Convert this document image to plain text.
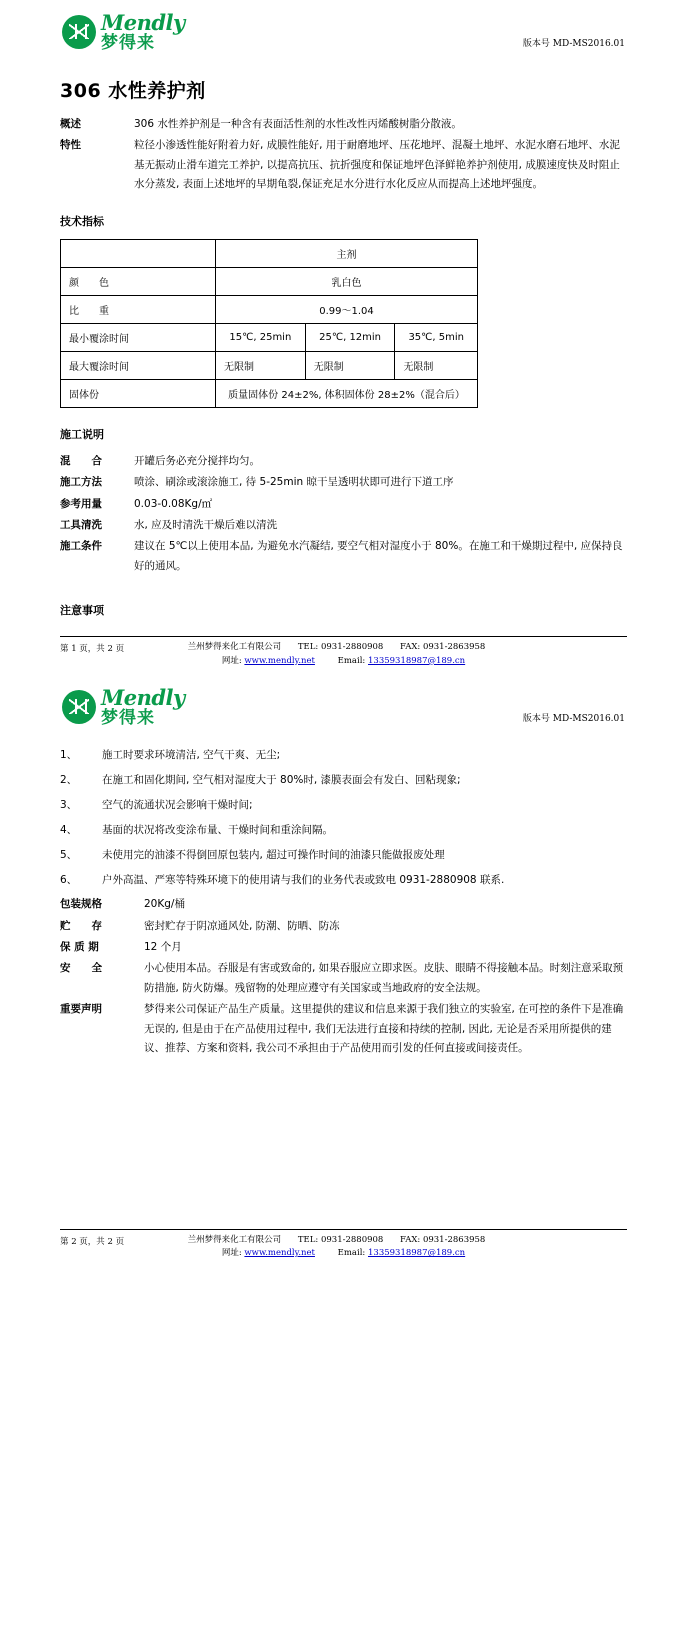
Mendly
梦得来	版本号 MD-MS2016.01
306 水性养护剂
概述	306 水性养护剂是一种含有表面活性剂的水性改性丙烯酸树脂分散液。
特性	粒径小渗透性能好附着力好, 成膜性能好, 用于耐磨地坪、压花地坪、混凝土地坪、水泥水磨石地坪、水泥基无振动止滑车道完工养护, 以提高抗压、抗折强度和保证地坪色泽鲜艳养护剂使用, 成膜速度快及时阻止水分蒸发, 表面上述地坪的早期龟裂,保证充足水分进行水化反应从而提高上述地坪强度。
技术指标
	主剂		
颜　　色	乳白色		
比　　重	0.99～1.04		
最小覆涂时间	15℃, 25min	25℃, 12min	35℃, 5min
最大覆涂时间	无限制	无限制	无限制
固体份	质量固体份 24±2%, 体积固体份 28±2%（混合后）		
施工说明
混　　合	开罐后务必充分搅拌均匀。
施工方法	喷涂、刷涂或滚涂施工, 待 5-25min 晾干呈透明状即可进行下道工序
参考用量	0.03-0.08Kg/㎡
工具清洗	水, 应及时清洗干燥后难以清洗
施工条件	建议在 5℃以上使用本品, 为避免水汽凝结, 要空气相对湿度小于 80%。在施工和干燥期过程中, 应保持良好的通风。
注意事项
第 1 页，共 2 页	兰州梦得来化工有限公司 TEL: 0931-2880908 FAX: 0931-2863958
网址: www.mendly.net	Email: 13359318987@189.cn
Mendly
梦得来	版本号 MD-MS2016.01
1、	施工时要求环境清洁, 空气干爽、无尘;
2、	在施工和固化期间, 空气相对湿度大于 80%时, 漆膜表面会有发白、回粘现象;
3、	空气的流通状况会影响干燥时间;
4、	基面的状况将改变涂布量、干燥时间和重涂间隔。
5、	未使用完的油漆不得倒回原包装内, 超过可操作时间的油漆只能做报废处理
6、	户外高温、严寒等特殊环境下的使用请与我们的业务代表或致电 0931-2880908 联系.
包装规格	20Kg/桶
贮　　存	密封贮存于阴凉通风处, 防潮、防晒、防冻
保 质 期	12 个月
安　　全	小心使用本品。吞服是有害或致命的, 如果吞服应立即求医。皮肤、眼睛不得接触本品。时刻注意采取预防措施, 防火防爆。残留物的处理应遵守有关国家或当地政府的安全法规。
重要声明	梦得来公司保证产品生产质量。这里提供的建议和信息来源于我们独立的实验室, 在可控的条件下是准确无误的, 但是由于在产品使用过程中, 我们无法进行直接和持续的控制, 因此, 无论是否采用所提供的建议、推荐、方案和资料, 我公司不承担由于产品使用而引发的任何直接或间接责任。
第 2 页，共 2 页	兰州梦得来化工有限公司 TEL: 0931-2880908 FAX: 0931-2863958
网址: www.mendly.net	Email: 13359318987@189.cn
